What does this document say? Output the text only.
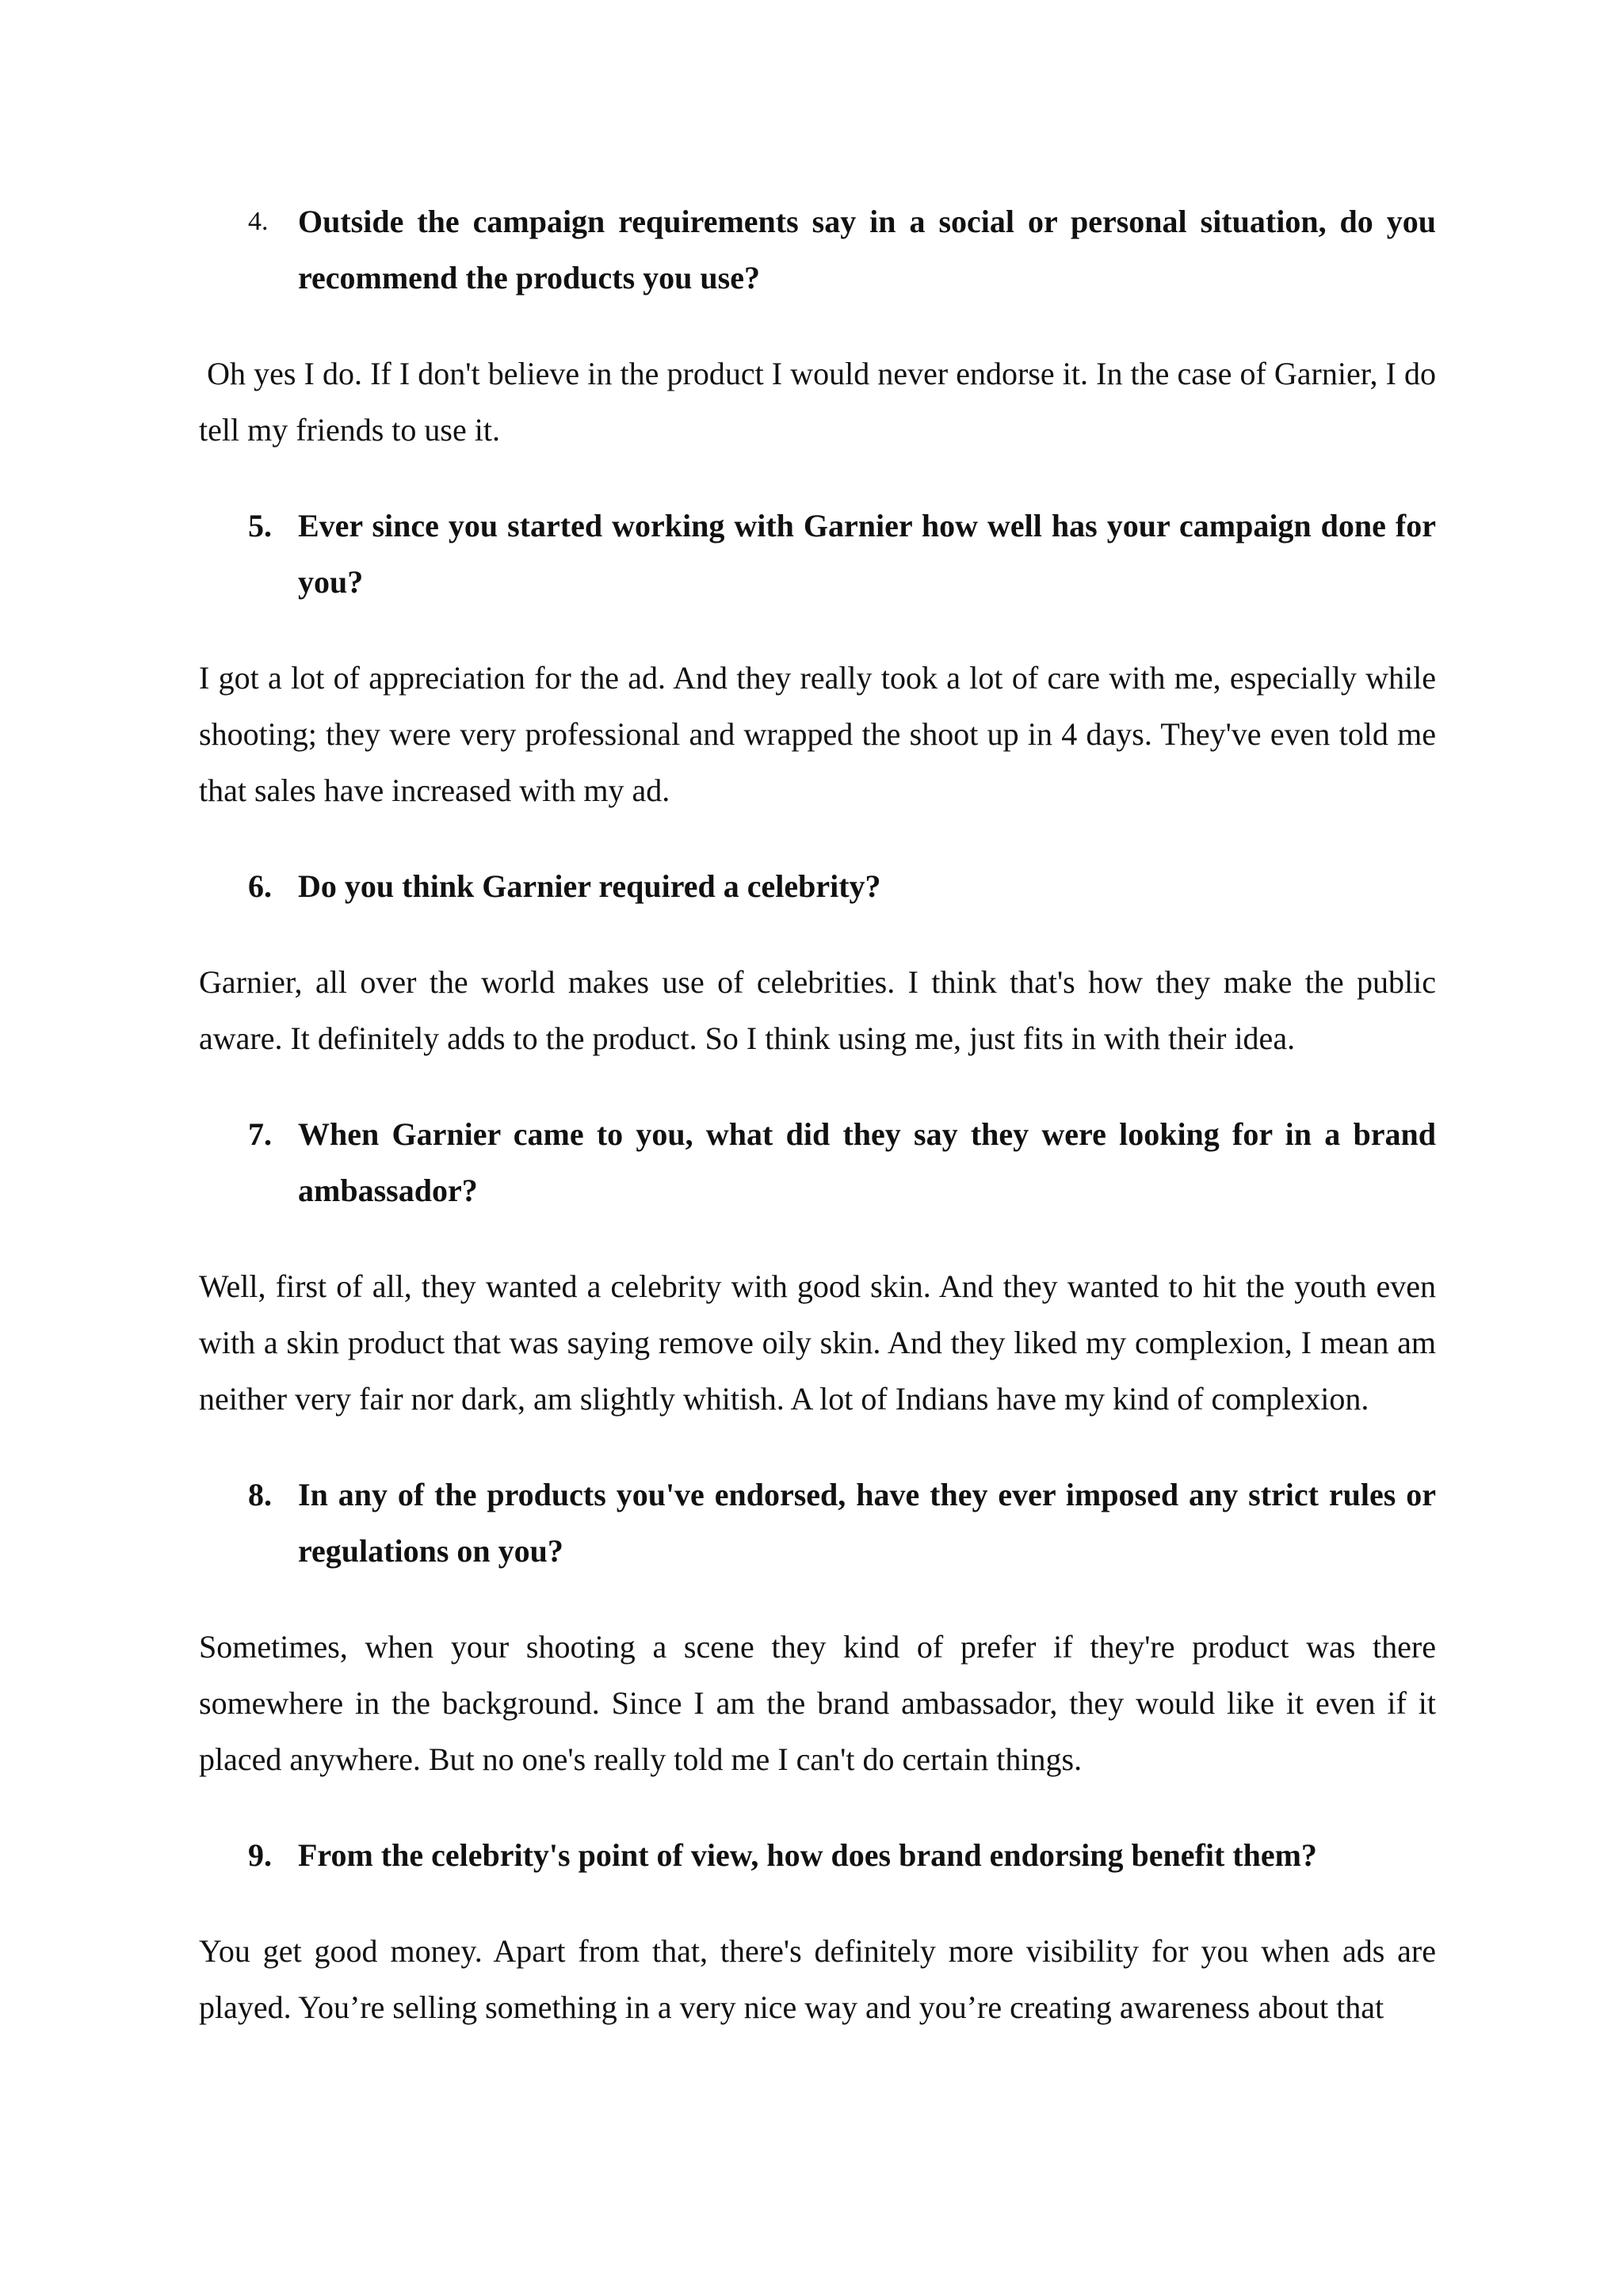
4. Outside the campaign requirements say in a social or personal situation, do you recommend the products you use?

Oh yes I do. If I don't believe in the product I would never endorse it. In the case of Garnier, I do tell my friends to use it.

5. Ever since you started working with Garnier how well has your campaign done for you?

I got a lot of appreciation for the ad. And they really took a lot of care with me, especially while shooting; they were very professional and wrapped the shoot up in 4 days. They've even told me that sales have increased with my ad.

6. Do you think Garnier required a celebrity?

Garnier, all over the world makes use of celebrities. I think that's how they make the public aware. It definitely adds to the product. So I think using me, just fits in with their idea.

7. When Garnier came to you, what did they say they were looking for in a brand ambassador?

Well, first of all, they wanted a celebrity with good skin. And they wanted to hit the youth even with a skin product that was saying remove oily skin. And they liked my complexion, I mean am neither very fair nor dark, am slightly whitish. A lot of Indians have my kind of complexion.

8. In any of the products you've endorsed, have they ever imposed any strict rules or regulations on you?

Sometimes, when your shooting a scene they kind of prefer if they're product was there somewhere in the background. Since I am the brand ambassador, they would like it even if it placed anywhere. But no one's really told me I can't do certain things.

9. From the celebrity's point of view, how does brand endorsing benefit them?

You get good money. Apart from that, there's definitely more visibility for you when ads are played. You’re selling something in a very nice way and you’re creating awareness about that
